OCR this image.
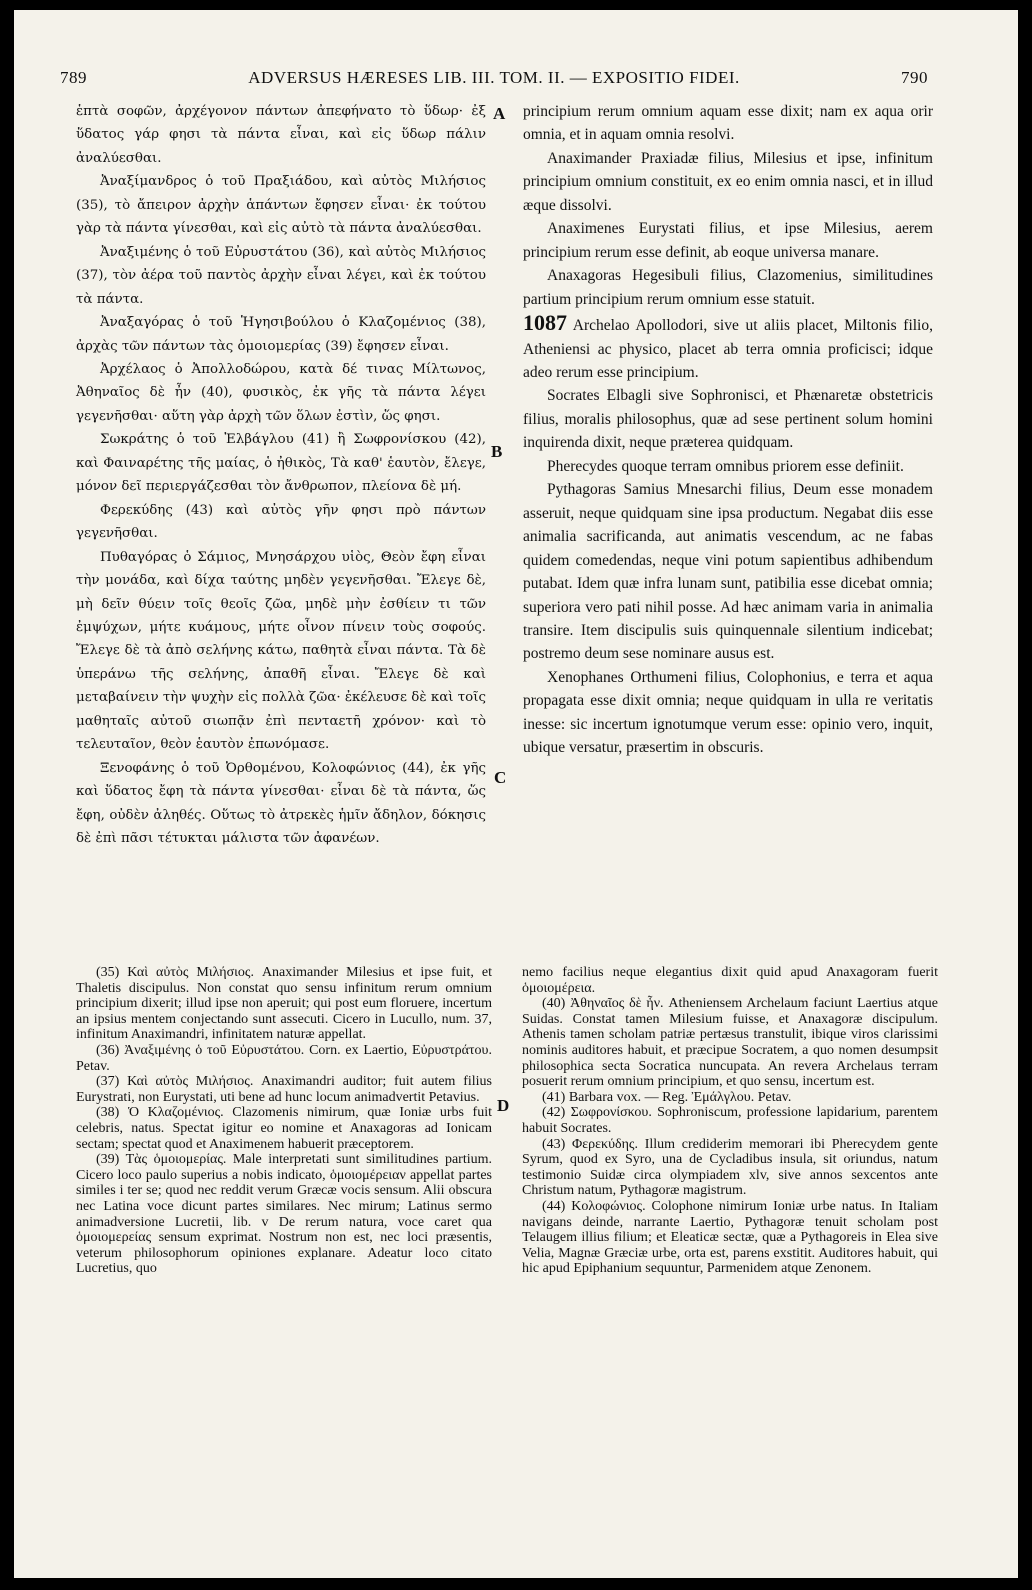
789	ADVERSUS HÆRESES LIB. III. TOM. II. — EXPOSITIO FIDEI.	790

ἑπτὰ σοφῶν, ἀρχέγονον πάντων ἀπεφήνατο τὸ ὕδωρ· ἐξ ὕδατος γάρ φησι τὰ πάντα εἶναι, καὶ εἰς ὕδωρ πάλιν ἀναλύεσθαι.

Ἀναξίμανδρος ὁ τοῦ Πραξιάδου, καὶ αὐτὸς Μιλήσιος (35), τὸ ἄπειρον ἀρχὴν ἁπάντων ἔφησεν εἶναι· ἐκ τούτου γὰρ τὰ πάντα γίνεσθαι, καὶ εἰς αὐτὸ τὰ πάντα ἀναλύεσθαι.

Ἀναξιμένης ὁ τοῦ Εὐρυστάτου (36), καὶ αὐτὸς Μιλήσιος (37), τὸν ἀέρα τοῦ παντὸς ἀρχὴν εἶναι λέγει, καὶ ἐκ τούτου τὰ πάντα.

Ἀναξαγόρας ὁ τοῦ Ἡγησιβούλου ὁ Κλαζομένιος (38), ἀρχὰς τῶν πάντων τὰς ὁμοιομερίας (39) ἔφησεν εἶναι.

Ἀρχέλαος ὁ Ἀπολλοδώρου, κατὰ δέ τινας Μίλτωνος, Ἀθηναῖος δὲ ἦν (40), φυσικὸς, ἐκ γῆς τὰ πάντα λέγει γεγενῆσθαι· αὕτη γὰρ ἀρχὴ τῶν ὅλων ἐστὶν, ὥς φησι.

Σωκράτης ὁ τοῦ Ἐλβάγλου (41) ἢ Σωφρονίσκου (42), καὶ Φαιναρέτης τῆς μαίας, ὁ ἠθικὸς, Τὰ καθ' ἑαυτὸν, ἔλεγε, μόνον δεῖ περιεργάζεσθαι τὸν ἄνθρωπον, πλείονα δὲ μή.

Φερεκύδης (43) καὶ αὐτὸς γῆν φησι πρὸ πάντων γεγενῆσθαι.

Πυθαγόρας ὁ Σάμιος, Μνησάρχου υἱὸς, Θεὸν ἔφη εἶναι τὴν μονάδα, καὶ δίχα ταύτης μηδὲν γεγενῆσθαι. Ἔλεγε δὲ, μὴ δεῖν θύειν τοῖς θεοῖς ζῶα, μηδὲ μὴν ἐσθίειν τι τῶν ἐμψύχων, μήτε κυάμους, μήτε οἶνον πίνειν τοὺς σοφούς. Ἔλεγε δὲ τὰ ἀπὸ σελήνης κάτω, παθητὰ εἶναι πάντα. Τὰ δὲ ὑπεράνω τῆς σελήνης, ἀπαθῆ εἶναι. Ἔλεγε δὲ καὶ μεταβαίνειν τὴν ψυχὴν εἰς πολλὰ ζῶα· ἐκέλευσε δὲ καὶ τοῖς μαθηταῖς αὐτοῦ σιωπᾷν ἐπὶ πενταετῆ χρόνον· καὶ τὸ τελευταῖον, θεὸν ἑαυτὸν ἐπωνόμασε.

Ξενοφάνης ὁ τοῦ Ὀρθομένου, Κολοφώνιος (44), ἐκ γῆς καὶ ὕδατος ἔφη τὰ πάντα γίνεσθαι· εἶναι δὲ τὰ πάντα, ὥς ἔφη, οὐδὲν ἀληθές. Οὕτως τὸ ἀτρεκὲς ἡμῖν ἄδηλον, δόκησις δὲ ἐπὶ πᾶσι τέτυκται μάλιστα τῶν ἀφανέων.

A
B
C
D

principium rerum omnium aquam esse dixit; nam ex aqua orir omnia, et in aquam omnia resolvi.

Anaximander Praxiadæ filius, Milesius et ipse, infinitum principium omnium constituit, ex eo enim omnia nasci, et in illud æque dissolvi.

Anaximenes Eurystati filius, et ipse Milesius, aerem principium rerum esse definit, ab eoque universa manare.

Anaxagoras Hegesibuli filius, Clazomenius, similitudines partium principium rerum omnium esse statuit.

1087 Archelao Apollodori, sive ut aliis placet, Miltonis filio, Atheniensi ac physico, placet ab terra omnia proficisci; idque adeo rerum esse principium.

Socrates Elbagli sive Sophronisci, et Phænaretæ obstetricis filius, moralis philosophus, quæ ad sese pertinent solum homini inquirenda dixit, neque præterea quidquam.

Pherecydes quoque terram omnibus priorem esse definiit.

Pythagoras Samius Mnesarchi filius, Deum esse monadem asseruit, neque quidquam sine ipsa productum. Negabat diis esse animalia sacrificanda, aut animatis vescendum, ac ne fabas quidem comedendas, neque vini potum sapientibus adhibendum putabat. Idem quæ infra lunam sunt, patibilia esse dicebat omnia; superiora vero pati nihil posse. Ad hæc animam varia in animalia transire. Item discipulis suis quinquennale silentium indicebat; postremo deum sese nominare ausus est.

Xenophanes Orthumeni filius, Colophonius, e terra et aqua propagata esse dixit omnia; neque quidquam in ulla re veritatis inesse: sic incertum ignotumque verum esse: opinio vero, inquit, ubique versatur, præsertim in obscuris.

(35) Καὶ αὐτὸς Μιλήσιος. Anaximander Milesius et ipse fuit, et Thaletis discipulus. Non constat quo sensu infinitum rerum omnium principium dixerit; illud ipse non aperuit; qui post eum floruere, incertum an ipsius mentem conjectando sunt assecuti. Cicero in Lucullo, num. 37, infinitum Anaximandri, infinitatem naturæ appellat.

(36) Ἀναξιμένης ὁ τοῦ Εὐρυστάτου. Corn. ex Laertio, Εὐρυστράτου. Petav.

(37) Καὶ αὐτὸς Μιλήσιος. Anaximandri auditor; fuit autem filius Eurystrati, non Eurystati, uti bene ad hunc locum animadvertit Petavius.

(38) Ὁ Κλαζομένιος. Clazomenis nimirum, quæ Ioniæ urbs fuit celebris, natus. Spectat igitur eo nomine et Anaxagoras ad Ionicam sectam; spectat quod et Anaximenem habuerit præceptorem.

(39) Τὰς ὁμοιομερίας. Male interpretati sunt similitudines partium. Cicero loco paulo superius a nobis indicato, ὁμοιομέρειαν appellat partes similes i ter se; quod nec reddit verum Græcæ vocis sensum. Alii obscura nec Latina voce dicunt partes similares. Nec mirum; Latinus sermo animadversione Lucretii, lib. v De rerum natura, voce caret qua ὁμοιομερείας sensum exprimat. Nostrum non est, nec loci præsentis, veterum philosophorum opiniones explanare. Adeatur loco citato Lucretius, quo

nemo facilius neque elegantius dixit quid apud Anaxagoram fuerit ὁμοιομέρεια.

(40) Ἀθηναῖος δὲ ἦν. Atheniensem Archelaum faciunt Laertius atque Suidas. Constat tamen Milesium fuisse, et Anaxagoræ discipulum. Athenis tamen scholam patriæ pertæsus transtulit, ibique viros clarissimi nominis auditores habuit, et præcipue Socratem, a quo nomen desumpsit philosophica secta Socratica nuncupata. An revera Archelaus terram posuerit rerum omnium principium, et quo sensu, incertum est.

(41) Barbara vox. — Reg. Ἐμάλγλου. Petav.

(42) Σωφρονίσκου. Sophroniscum, professione lapidarium, parentem habuit Socrates.

(43) Φερεκύδης. Illum crediderim memorari ibi Pherecydem gente Syrum, quod ex Syro, una de Cycladibus insula, sit oriundus, natum testimonio Suidæ circa olympiadem xlv, sive annos sexcentos ante Christum natum, Pythagoræ magistrum.

(44) Κολοφώνιος. Colophone nimirum Ioniæ urbe natus. In Italiam navigans deinde, narrante Laertio, Pythagoræ tenuit scholam post Telaugem illius filium; et Eleaticæ sectæ, quæ a Pythagoreis in Elea sive Velia, Magnæ Græciæ urbe, orta est, parens exstitit. Auditores habuit, qui hic apud Epiphanium sequuntur, Parmenidem atque Zenonem.
